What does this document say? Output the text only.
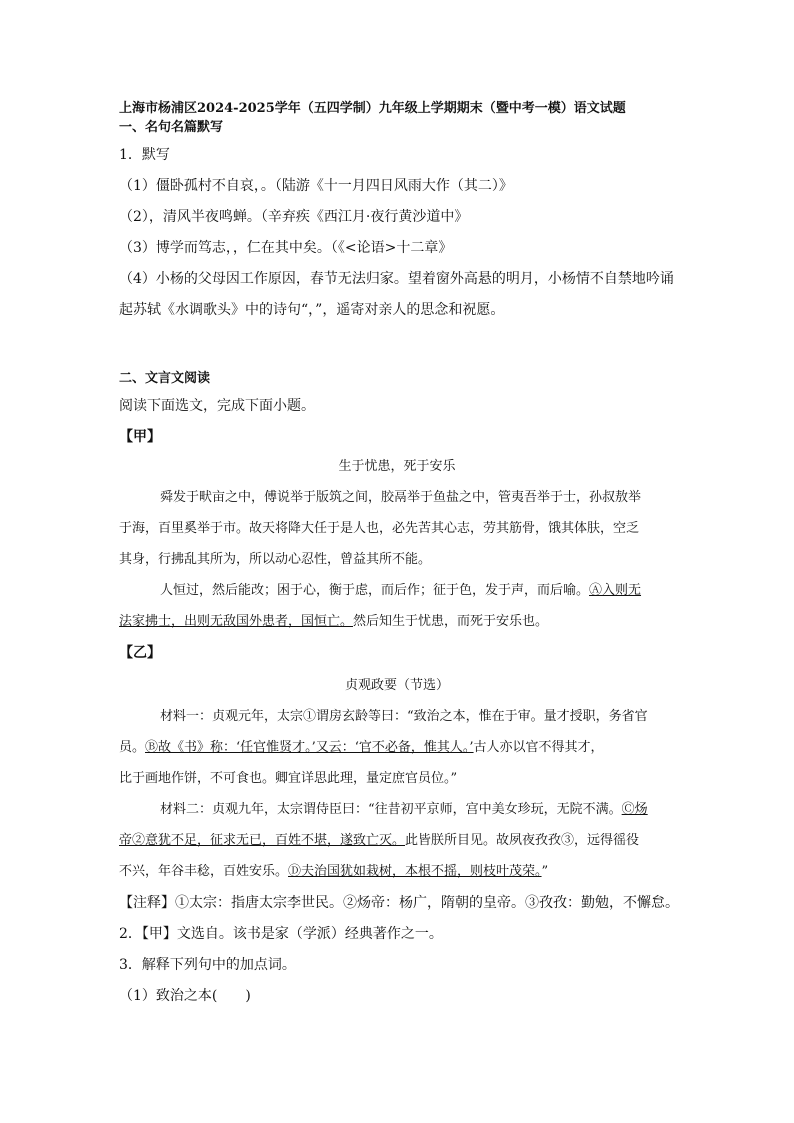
上海市杨浦区2024-2025学年（五四学制）九年级上学期期末（暨中考一模）语文试题
一、名句名篇默写
1．默写
（1）僵卧孤村不自哀，。（陆游《十一月四日风雨大作（其二）》
（2），清风半夜鸣蝉。（辛弃疾《西江月·夜行黄沙道中》
（3）博学而笃志，，仁在其中矣。（《<论语>十二章》
（4）小杨的父母因工作原因，春节无法归家。望着窗外高悬的明月，小杨情不自禁地吟诵
起苏轼《水调歌头》中的诗句“，”，遥寄对亲人的思念和祝愿。
二、文言文阅读
阅读下面选文，完成下面小题。
【甲】
生于忧患，死于安乐
舜发于畎亩之中，傅说举于版筑之间，胶鬲举于鱼盐之中，管夷吾举于士，孙叔敖举
于海，百里奚举于市。故天将降大任于是人也，必先苦其心志，劳其筋骨，饿其体肤，空乏
其身，行拂乱其所为，所以动心忍性，曾益其所不能。
人恒过，然后能改；困于心，衡于虑，而后作；征于色，发于声，而后喻。Ⓐ入则无
法家拂士，出则无敌国外患者，国恒亡。然后知生于忧患，而死于安乐也。
【乙】
贞观政要（节选）
材料一：贞观元年，太宗①谓房玄龄等曰：“致治之本，惟在于审。量才授职，务省官
员。Ⓑ故《书》称：‘任官惟贤才。’又云：‘官不必备，惟其人。’古人亦以官不得其才，
比于画地作饼，不可食也。卿宜详思此理，量定庶官员位。”
材料二：贞观九年，太宗谓侍臣曰：“往昔初平京师，宫中美女珍玩，无院不满。Ⓒ炀
帝②意犹不足，征求无已，百姓不堪，遂致亡灭。此皆朕所目见。故夙夜孜孜③，远得徭役
不兴，年谷丰稔，百姓安乐。Ⓓ夫治国犹如栽树，本根不摇，则枝叶茂荣。”
【注释】①太宗：指唐太宗李世民。②炀帝：杨广，隋朝的皇帝。③孜孜：勤勉，不懈怠。
2．【甲】文选自。该书是家（学派）经典著作之一。
3．解释下列句中的加点词。
（1）致治之本(　　)
